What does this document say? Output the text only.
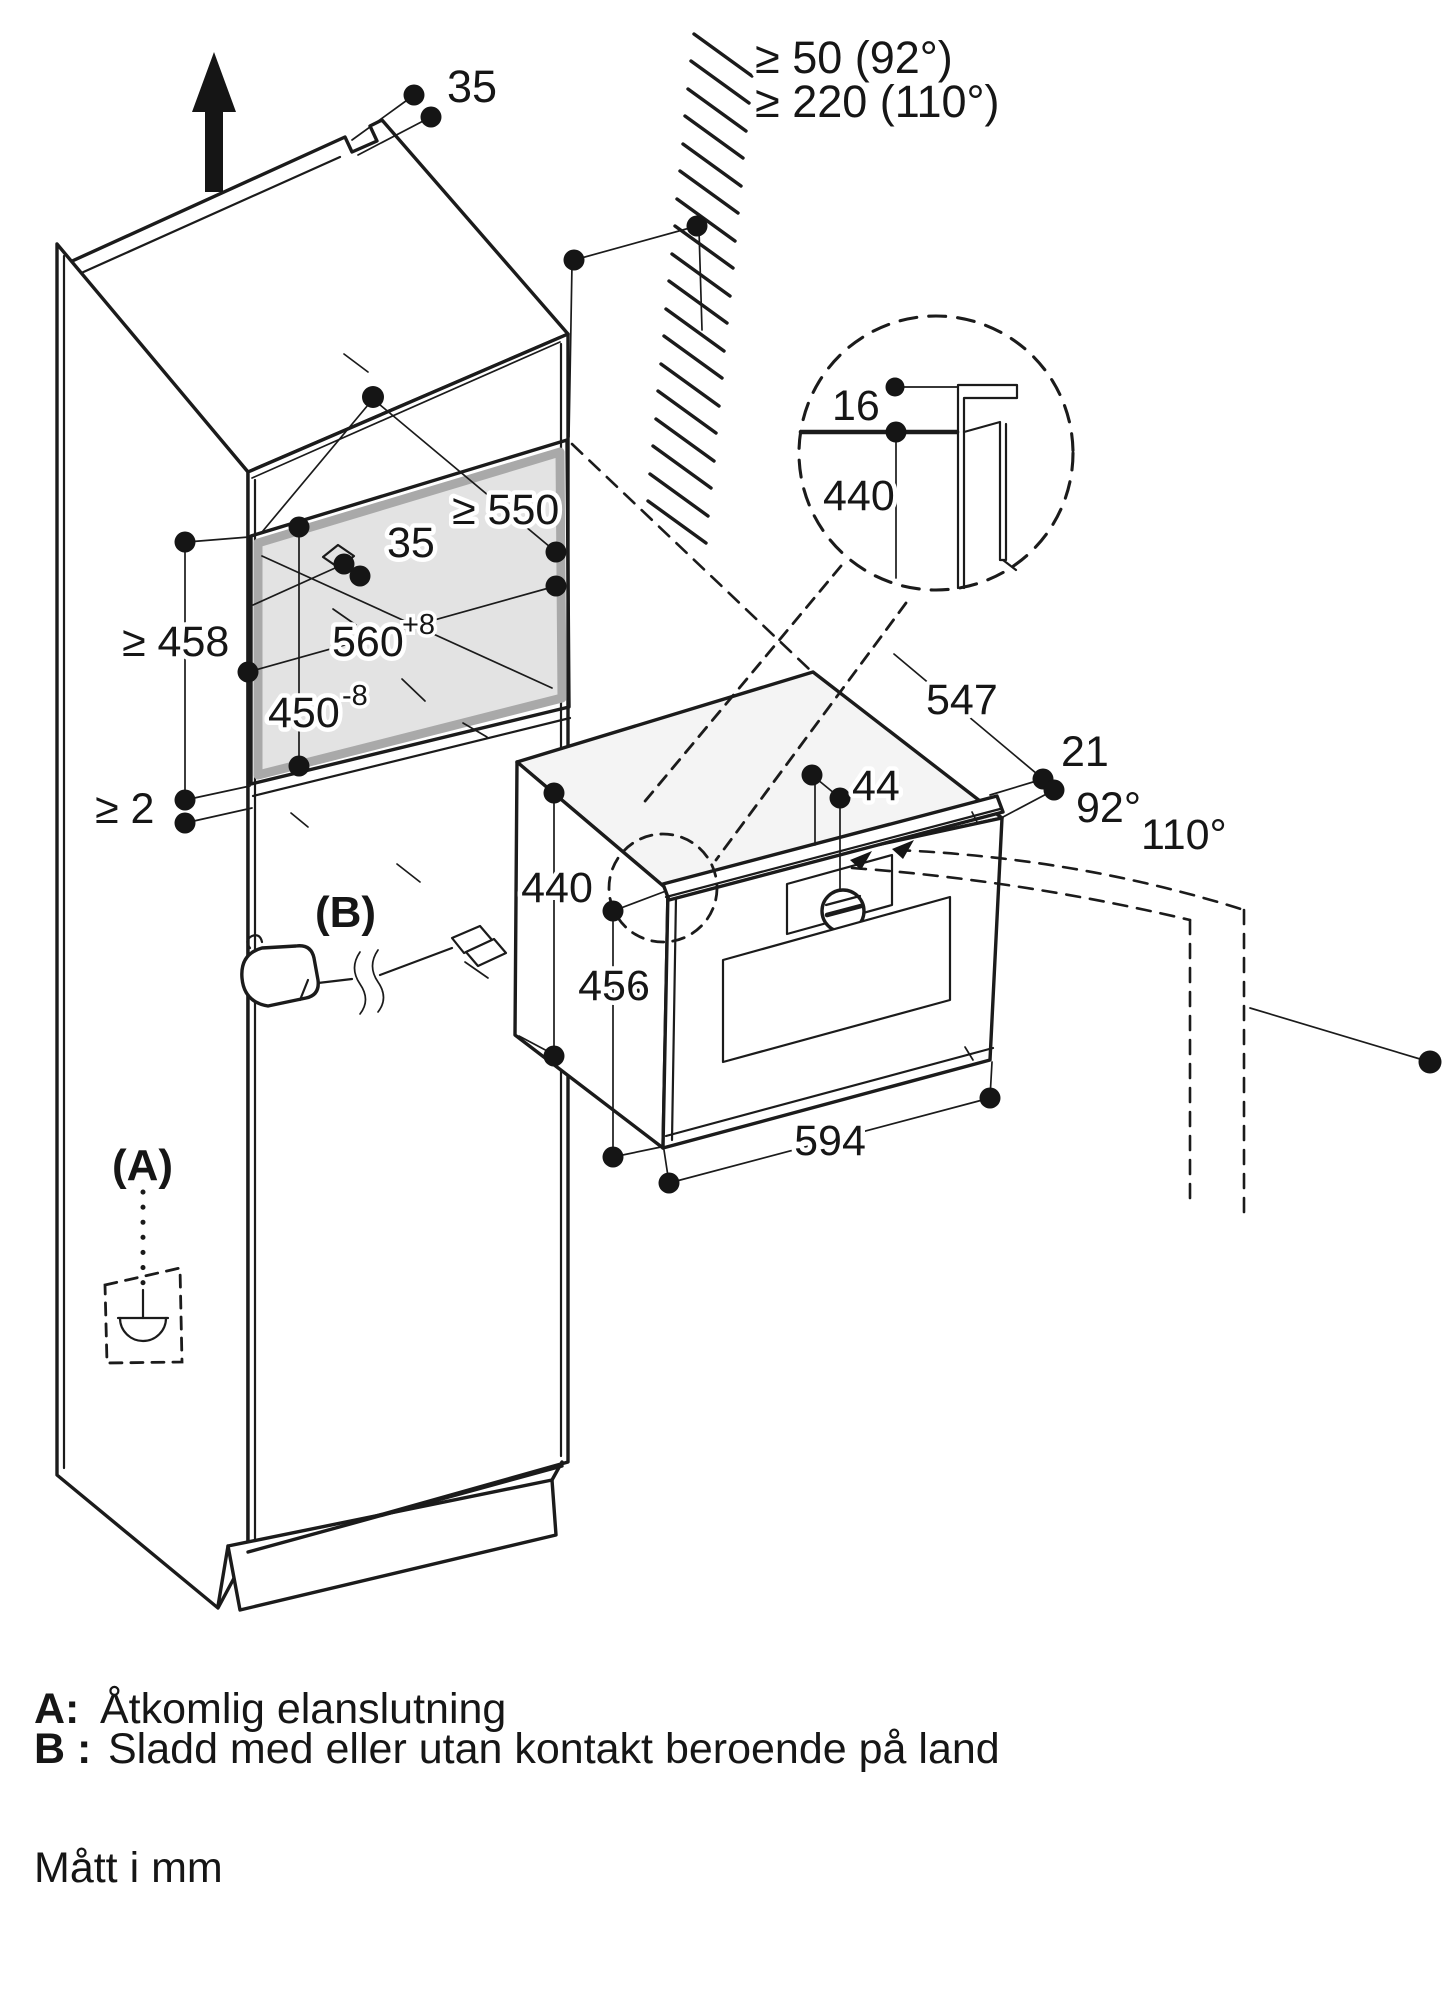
35
≥ 50 (92°)
≥ 220 (110°)
16
440
≥ 550
35
560
+8
450 -8
≥ 458
≥ 2
440
456
594
44
547
21
92°
110°
(B)
(A)
A: Åtkomlig elanslutning
B : Sladd med eller utan kontakt beroende på land
Mått i mm
